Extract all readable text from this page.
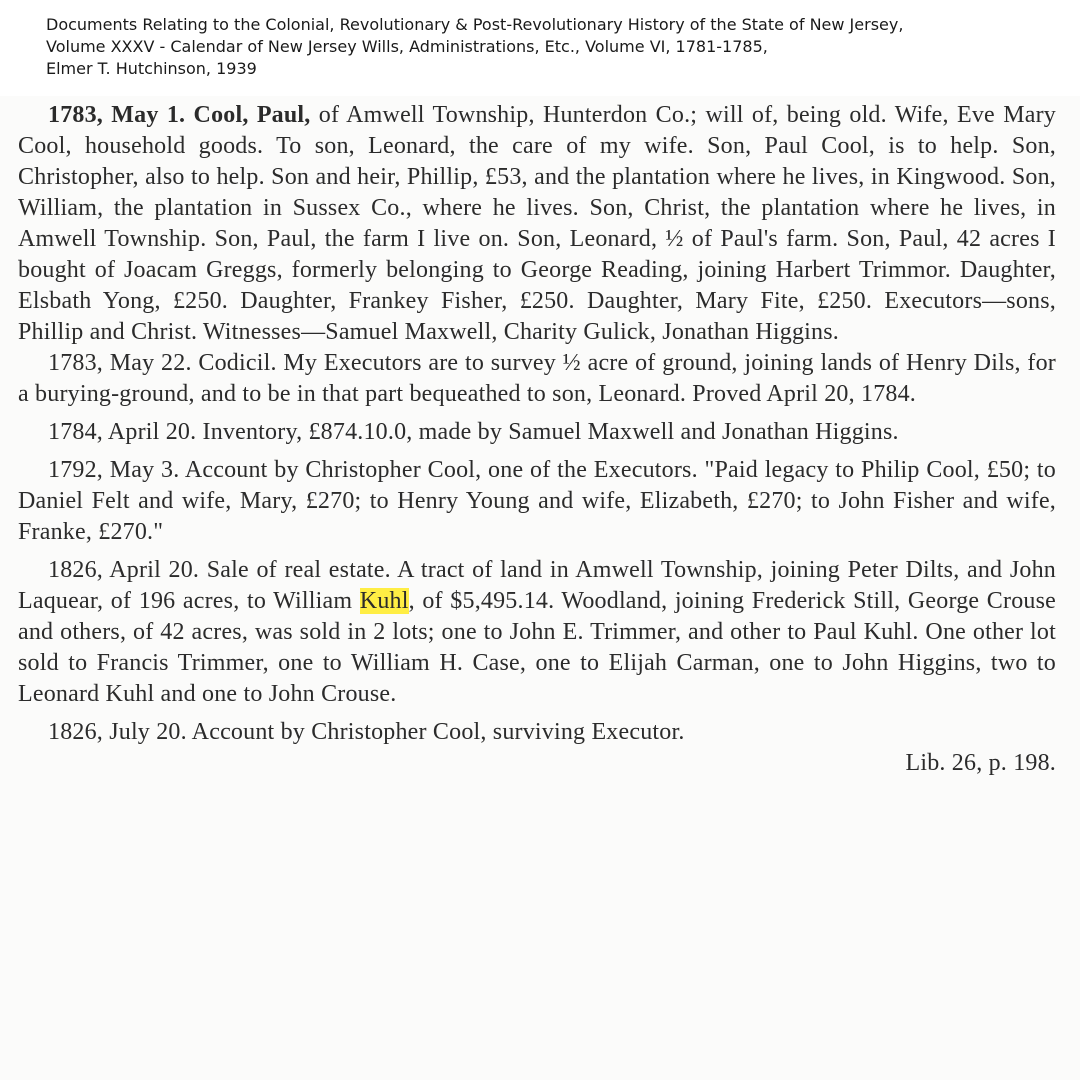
Documents Relating to the Colonial, Revolutionary & Post-Revolutionary History of the State of New Jersey,
Volume XXXV - Calendar of New Jersey Wills, Administrations, Etc., Volume VI, 1781-1785,
Elmer T. Hutchinson, 1939

1783, May 1. Cool, Paul, of Amwell Township, Hunterdon Co.; will of, being old. Wife, Eve Mary Cool, household goods. To son, Leonard, the care of my wife. Son, Paul Cool, is to help. Son, Christopher, also to help. Son and heir, Phillip, £53, and the plantation where he lives, in Kingwood. Son, William, the plantation in Sussex Co., where he lives. Son, Christ, the plantation where he lives, in Amwell Township. Son, Paul, the farm I live on. Son, Leonard, ½ of Paul's farm. Son, Paul, 42 acres I bought of Joacam Greggs, formerly belonging to George Reading, joining Harbert Trimmor. Daughter, Elsbath Yong, £250. Daughter, Frankey Fisher, £250. Daughter, Mary Fite, £250. Executors—sons, Phillip and Christ. Witnesses—Samuel Maxwell, Charity Gulick, Jonathan Higgins.

1783, May 22. Codicil. My Executors are to survey ½ acre of ground, joining lands of Henry Dils, for a burying-ground, and to be in that part bequeathed to son, Leonard. Proved April 20, 1784.

1784, April 20. Inventory, £874.10.0, made by Samuel Maxwell and Jonathan Higgins.

1792, May 3. Account by Christopher Cool, one of the Executors. "Paid legacy to Philip Cool, £50; to Daniel Felt and wife, Mary, £270; to Henry Young and wife, Elizabeth, £270; to John Fisher and wife, Franke, £270."

1826, April 20. Sale of real estate. A tract of land in Amwell Township, joining Peter Dilts, and John Laquear, of 196 acres, to William Kuhl, of $5,495.14. Woodland, joining Frederick Still, George Crouse and others, of 42 acres, was sold in 2 lots; one to John E. Trimmer, and other to Paul Kuhl. One other lot sold to Francis Trimmer, one to William H. Case, one to Elijah Carman, one to John Higgins, two to Leonard Kuhl and one to John Crouse.

1826, July 20. Account by Christopher Cool, surviving Executor.

Lib. 26, p. 198.
